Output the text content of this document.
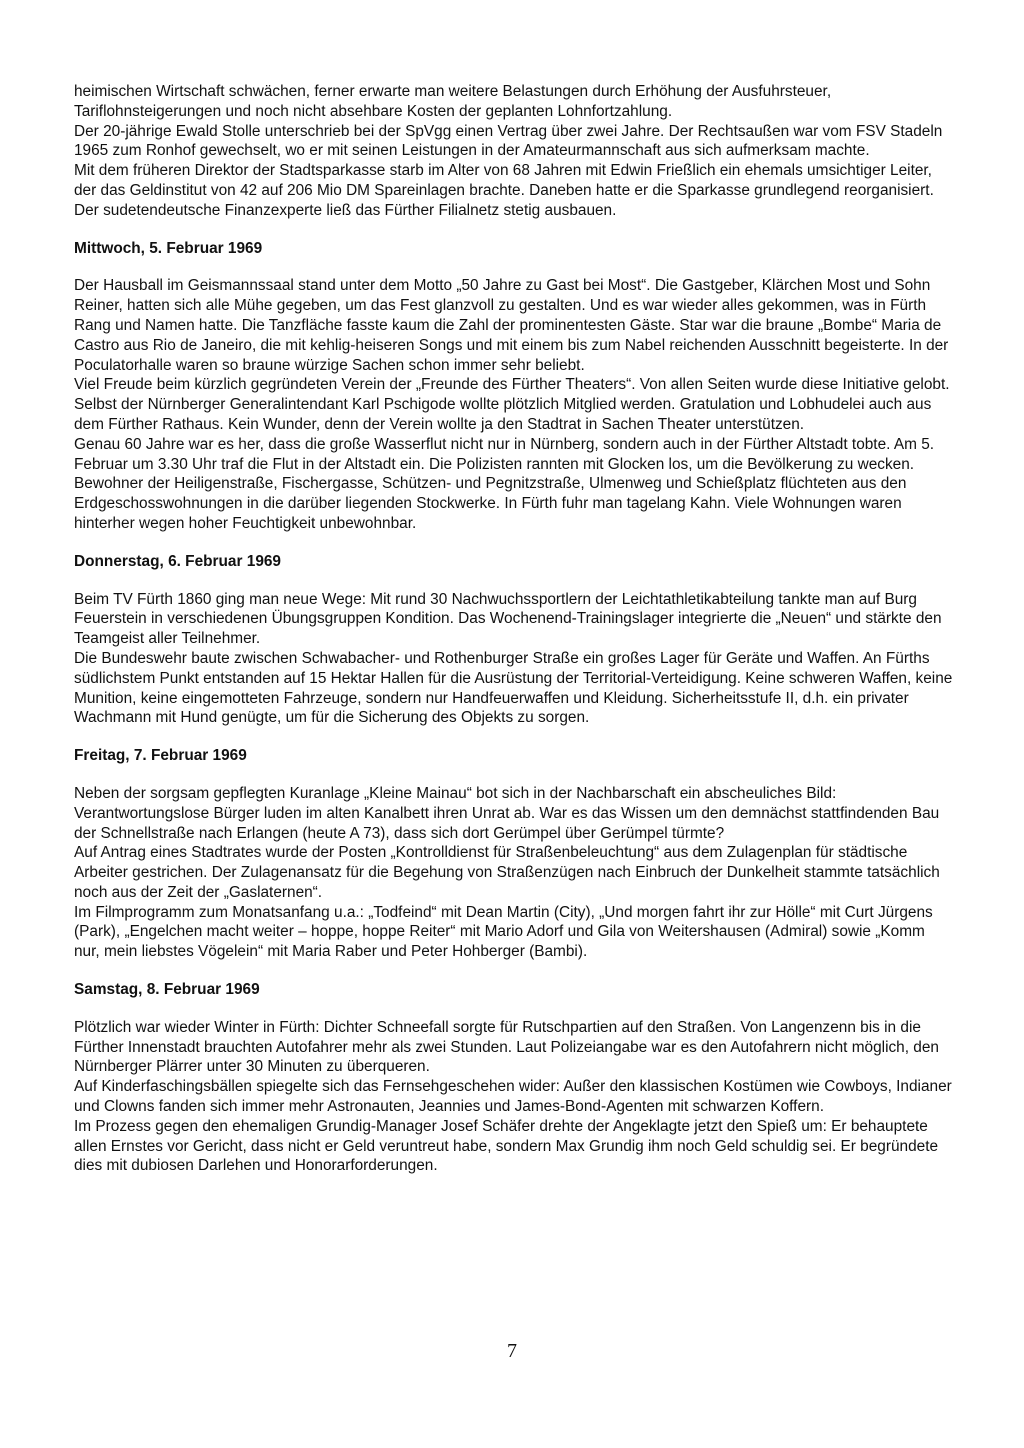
heimischen Wirtschaft schwächen, ferner erwarte man weitere Belastungen durch Erhöhung der Ausfuhrsteuer, Tariflohnsteigerungen und noch nicht absehbare Kosten der geplanten Lohnfortzahlung.

Der 20-jährige Ewald Stolle unterschrieb bei der SpVgg einen Vertrag über zwei Jahre. Der Rechtsaußen war vom FSV Stadeln 1965 zum Ronhof gewechselt, wo er mit seinen Leistungen in der Amateurmannschaft aus sich aufmerksam machte.

Mit dem früheren Direktor der Stadtsparkasse starb im Alter von 68 Jahren mit Edwin Frießlich ein ehemals umsichtiger Leiter, der das Geldinstitut von 42 auf 206 Mio DM Spareinlagen brachte. Daneben hatte er die Sparkasse grundlegend reorganisiert. Der sudetendeutsche Finanzexperte ließ das Fürther Filialnetz stetig ausbauen.

Mittwoch, 5. Februar 1969

Der Hausball im Geismannssaal stand unter dem Motto „50 Jahre zu Gast bei Most“. Die Gastgeber, Klärchen Most und Sohn Reiner, hatten sich alle Mühe gegeben, um das Fest glanzvoll zu gestalten. Und es war wieder alles gekommen, was in Fürth Rang und Namen hatte. Die Tanzfläche fasste kaum die Zahl der prominentesten Gäste. Star war die braune „Bombe“ Maria de Castro aus Rio de Janeiro, die mit kehlig-heiseren Songs und mit einem bis zum Nabel reichenden Ausschnitt begeisterte. In der Poculatorhalle waren so braune würzige Sachen schon immer sehr beliebt.

Viel Freude beim kürzlich gegründeten Verein der „Freunde des Fürther Theaters“. Von allen Seiten wurde diese Initiative gelobt. Selbst der Nürnberger Generalintendant Karl Pschigode wollte plötzlich Mitglied werden. Gratulation und Lobhudelei auch aus dem Fürther Rathaus. Kein Wunder, denn der Verein wollte ja den Stadtrat in Sachen Theater unterstützen.

Genau 60 Jahre war es her, dass die große Wasserflut nicht nur in Nürnberg, sondern auch in der Fürther Altstadt tobte. Am 5. Februar um 3.30 Uhr traf die Flut in der Altstadt ein. Die Polizisten rannten mit Glocken los, um die Bevölkerung zu wecken. Bewohner der Heiligenstraße, Fischergasse, Schützen- und Pegnitzstraße, Ulmenweg und Schießplatz flüchteten aus den Erdgeschosswohnungen in die darüber liegenden Stockwerke. In Fürth fuhr man tagelang Kahn. Viele Wohnungen waren hinterher wegen hoher Feuchtigkeit unbewohnbar.

Donnerstag, 6. Februar 1969

Beim TV Fürth 1860 ging man neue Wege: Mit rund 30 Nachwuchssportlern der Leichtathletikabteilung tankte man auf Burg Feuerstein in verschiedenen Übungsgruppen Kondition. Das Wochenend-Trainingslager integrierte die „Neuen“ und stärkte den Teamgeist aller Teilnehmer.

Die Bundeswehr baute zwischen Schwabacher- und Rothenburger Straße ein großes Lager für Geräte und Waffen. An Fürths südlichstem Punkt entstanden auf 15 Hektar Hallen für die Ausrüstung der Territorial-Verteidigung. Keine schweren Waffen, keine Munition, keine eingemotteten Fahrzeuge, sondern nur Handfeuerwaffen und Kleidung. Sicherheitsstufe II, d.h. ein privater Wachmann mit Hund genügte, um für die Sicherung des Objekts zu sorgen.

Freitag, 7. Februar 1969

Neben der sorgsam gepflegten Kuranlage „Kleine Mainau“ bot sich in der Nachbarschaft ein abscheuliches Bild: Verantwortungslose Bürger luden im alten Kanalbett ihren Unrat ab. War es das Wissen um den demnächst stattfindenden Bau der Schnellstraße nach Erlangen (heute A 73), dass sich dort Gerümpel über Gerümpel türmte?

Auf Antrag eines Stadtrates wurde der Posten „Kontrolldienst für Straßenbeleuchtung“ aus dem Zulagenplan für städtische Arbeiter gestrichen. Der Zulagenansatz für die Begehung von Straßenzügen nach Einbruch der Dunkelheit stammte tatsächlich noch aus der Zeit der „Gaslaternen“.

Im Filmprogramm zum Monatsanfang u.a.: „Todfeind“ mit Dean Martin (City), „Und morgen fahrt ihr zur Hölle“ mit Curt Jürgens (Park), „Engelchen macht weiter – hoppe, hoppe Reiter“ mit Mario Adorf und Gila von Weitershausen (Admiral) sowie „Komm nur, mein liebstes Vögelein“ mit Maria Raber und Peter Hohberger (Bambi).

Samstag, 8. Februar 1969

Plötzlich war wieder Winter in Fürth: Dichter Schneefall sorgte für Rutschpartien auf den Straßen. Von Langenzenn bis in die Fürther Innenstadt brauchten Autofahrer mehr als zwei Stunden. Laut Polizeiangabe war es den Autofahrern nicht möglich, den Nürnberger Plärrer unter 30 Minuten zu überqueren.

Auf Kinderfaschingsbällen spiegelte sich das Fernsehgeschehen wider: Außer den klassischen Kostümen wie Cowboys, Indianer und Clowns fanden sich immer mehr Astronauten, Jeannies und James-Bond-Agenten mit schwarzen Koffern.

Im Prozess gegen den ehemaligen Grundig-Manager Josef Schäfer drehte der Angeklagte jetzt den Spieß um: Er behauptete allen Ernstes vor Gericht, dass nicht er Geld veruntreut habe, sondern Max Grundig ihm noch Geld schuldig sei. Er begründete dies mit dubiosen Darlehen und Honorarforderungen.

7
